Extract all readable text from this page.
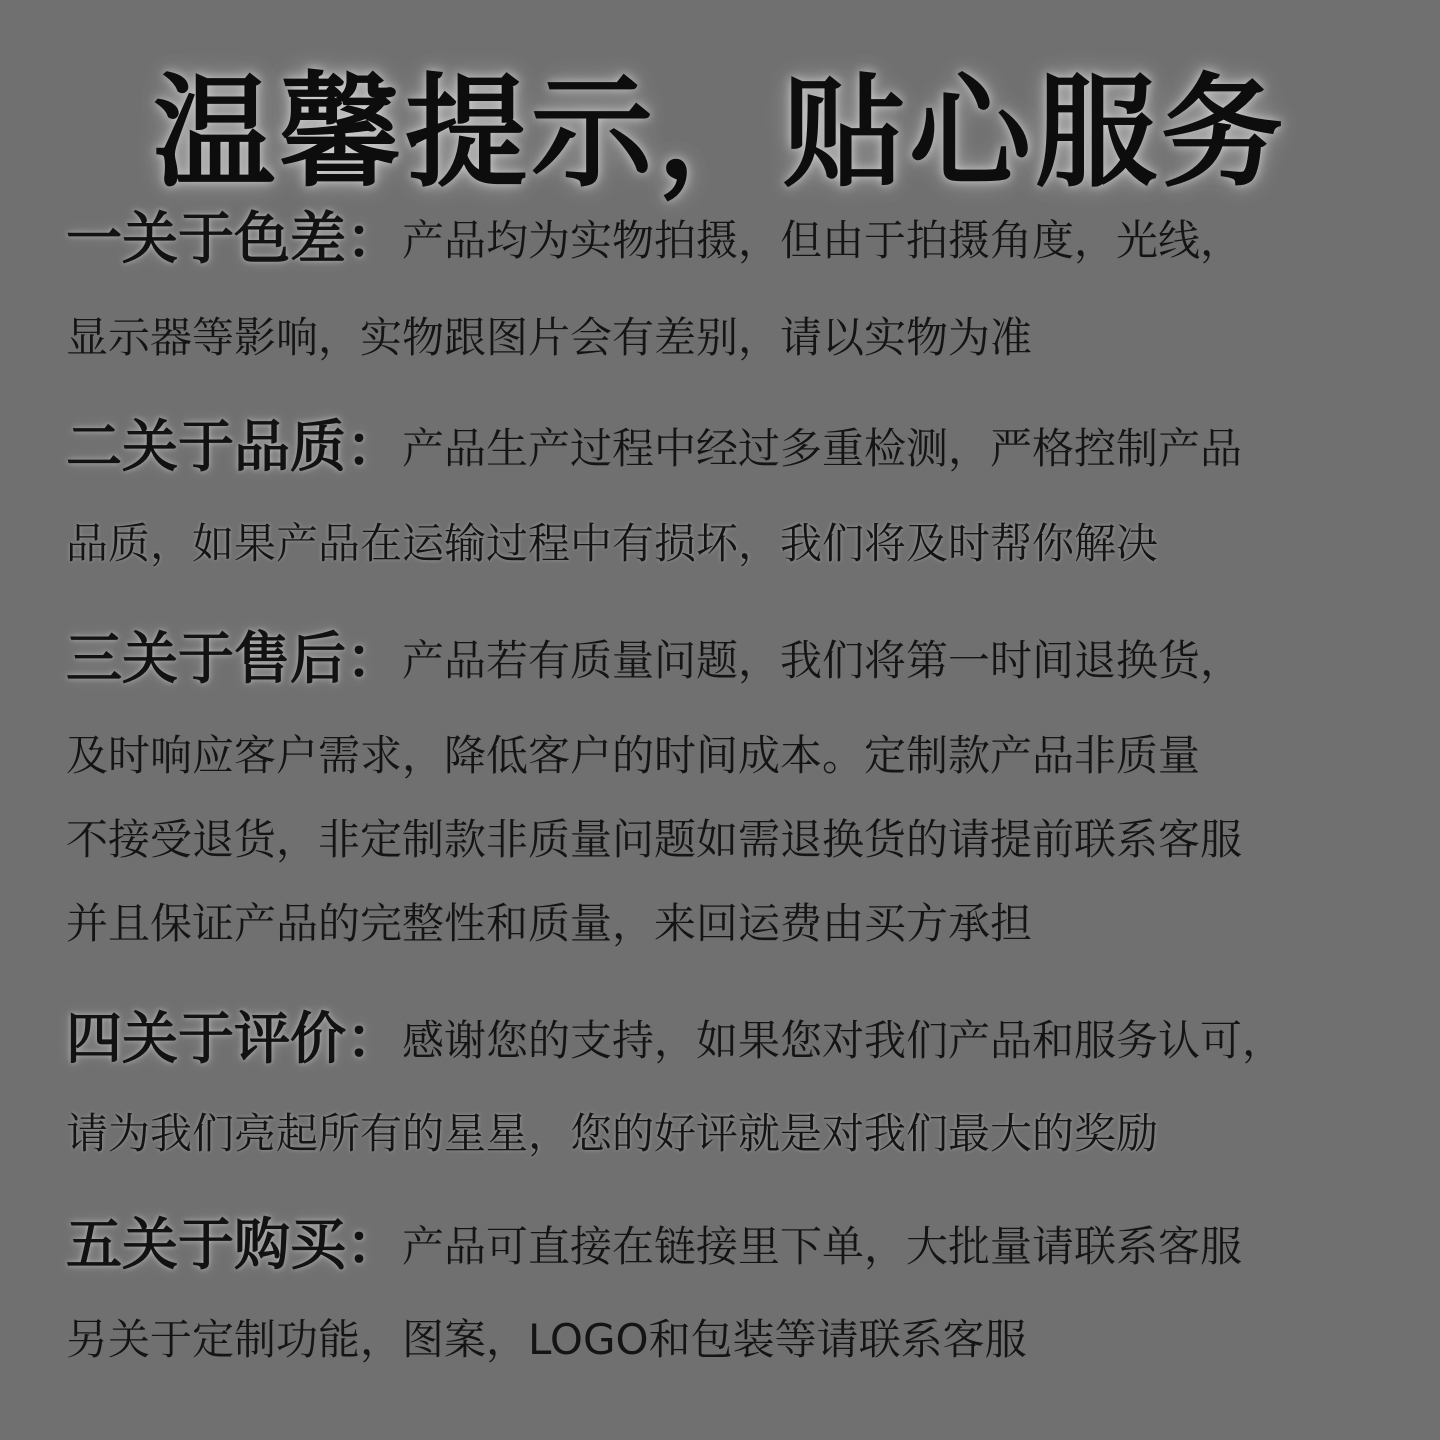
温馨提示，贴心服务
一关于色差：产品均为实物拍摄，但由于拍摄角度，光线，
显示器等影响，实物跟图片会有差别，请以实物为准
二关于品质：产品生产过程中经过多重检测，严格控制产品
品质，如果产品在运输过程中有损坏，我们将及时帮你解决
三关于售后：产品若有质量问题，我们将第一时间退换货，
及时响应客户需求，降低客户的时间成本。定制款产品非质量
不接受退货，非定制款非质量问题如需退换货的请提前联系客服
并且保证产品的完整性和质量，来回运费由买方承担
四关于评价：感谢您的支持，如果您对我们产品和服务认可，
请为我们亮起所有的星星，您的好评就是对我们最大的奖励
五关于购买：产品可直接在链接里下单，大批量请联系客服
另关于定制功能，图案，LOGO和包装等请联系客服
